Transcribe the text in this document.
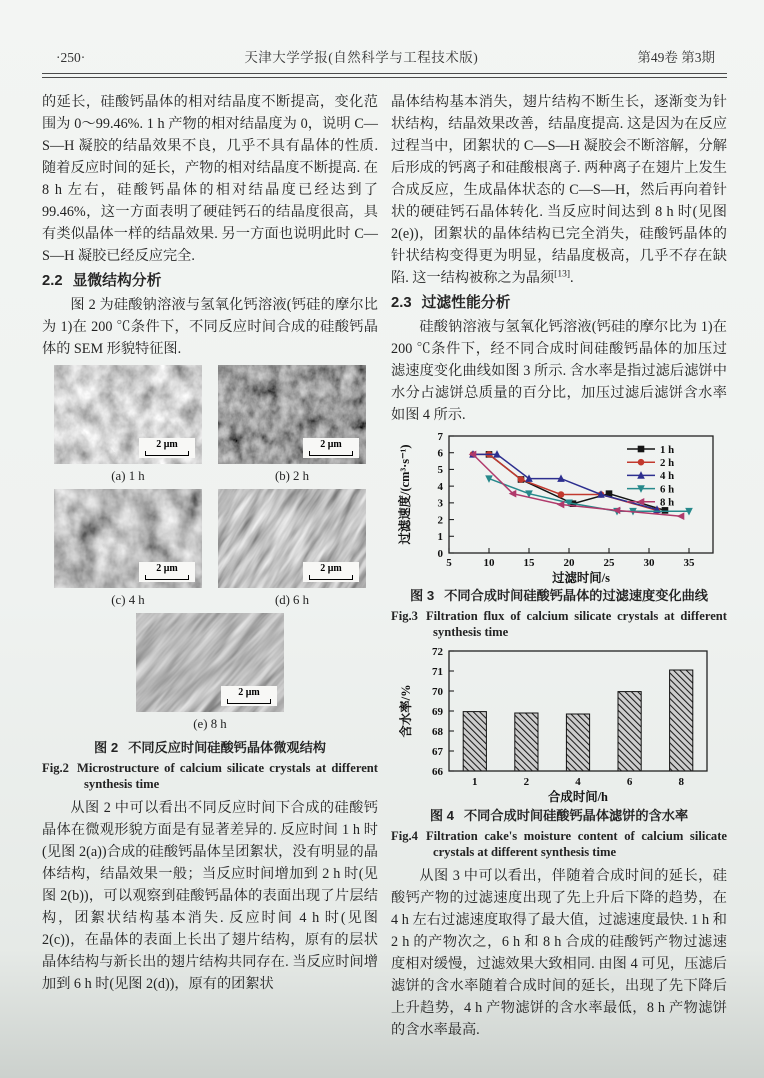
·250·	天津大学学报(自然科学与工程技术版)	第49卷 第3期

的延长，硅酸钙晶体的相对结晶度不断提高，变化范围为 0～99.46%. 1 h 产物的相对结晶度为 0，说明 C—S—H 凝胶的结晶效果不良，几乎不具有晶体的性质. 随着反应时间的延长，产物的相对结晶度不断提高. 在 8 h 左右，硅酸钙晶体的相对结晶度已经达到了 99.46%，这一方面表明了硬硅钙石的结晶度很高，具有类似晶体一样的结晶效果. 另一方面也说明此时 C—S—H 凝胶已经反应完全.

2.2 显微结构分析

图 2 为硅酸钠溶液与氢氧化钙溶液(钙硅的摩尔比为 1)在 200 ℃条件下，不同反应时间合成的硅酸钙晶体的 SEM 形貌特征图.

2 μm
(a) 1 h
2 μm
(b) 2 h
2 μm
(c) 4 h
2 μm
(d) 6 h
2 μm
(e) 8 h
图 2 不同反应时间硅酸钙晶体微观结构
Fig.2 Microstructure of calcium silicate crystals at different synthesis time

从图 2 中可以看出不同反应时间下合成的硅酸钙晶体在微观形貌方面是有显著差异的. 反应时间 1 h 时(见图 2(a))合成的硅酸钙晶体呈团絮状，没有明显的晶体结构，结晶效果一般；当反应时间增加到 2 h 时(见图 2(b))，可以观察到硅酸钙晶体的表面出现了片层结构，团絮状结构基本消失. 反应时间 4 h 时(见图 2(c))，在晶体的表面上长出了翅片结构，原有的层状晶体结构与新长出的翅片结构共同存在. 当反应时间增加到 6 h 时(见图 2(d))，原有的团絮状

晶体结构基本消失，翅片结构不断生长，逐渐变为针状结构，结晶效果改善，结晶度提高. 这是因为在反应过程当中，团絮状的 C—S—H 凝胶会不断溶解，分解后形成的钙离子和硅酸根离子. 两种离子在翅片上发生合成反应，生成晶体状态的 C—S—H，然后再向着针状的硬硅钙石晶体转化. 当反应时间达到 8 h 时(见图 2(e))，团絮状的晶体结构已完全消失，硅酸钙晶体的针状结构变得更为明显，结晶度极高，几乎不存在缺陷. 这一结构被称之为晶须[13].

2.3 过滤性能分析

硅酸钠溶液与氢氧化钙溶液(钙硅的摩尔比为 1)在 200 ℃条件下，经不同合成时间硅酸钙晶体的加压过滤速度变化曲线如图 3 所示. 含水率是指过滤后滤饼中水分占滤饼总质量的百分比，加压过滤后滤饼含水率如图 4 所示.

5	10	15	20	25	30	35
0
1
2
3
4
5
6
7
1 h
2 h
4 h
6 h
8 h
过滤时间/s
过滤速度/(cm³·s⁻¹)
图 3 不同合成时间硅酸钙晶体的过滤速度变化曲线
Fig.3 Filtration flux of calcium silicate crystals at different synthesis time
66
67
68
69
70
71
72
1	2	4	6	8
合成时间/h
含水率/%
图 4 不同合成时间硅酸钙晶体滤饼的含水率
Fig.4 Filtration cake's moisture content of calcium silicate crystals at different synthesis time

从图 3 中可以看出，伴随着合成时间的延长，硅酸钙产物的过滤速度出现了先上升后下降的趋势，在 4 h 左右过滤速度取得了最大值，过滤速度最快. 1 h 和 2 h 的产物次之，6 h 和 8 h 合成的硅酸钙产物过滤速度相对缓慢，过滤效果大致相同. 由图 4 可见，压滤后滤饼的含水率随着合成时间的延长，出现了先下降后上升趋势，4 h 产物滤饼的含水率最低，8 h 产物滤饼的含水率最高.
